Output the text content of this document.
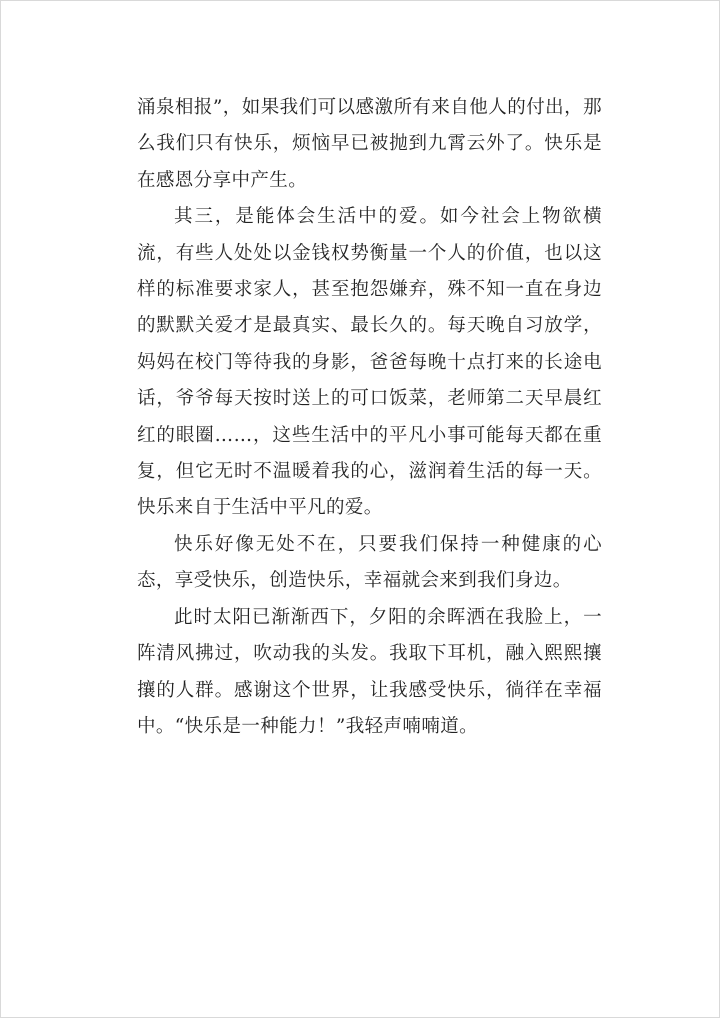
涌泉相报”，如果我们可以感激所有来自他人的付出，那么我们只有快乐，烦恼早已被抛到九霄云外了。快乐是在感恩分享中产生。

其三，是能体会生活中的爱。如今社会上物欲横流，有些人处处以金钱权势衡量一个人的价值，也以这样的标准要求家人，甚至抱怨嫌弃，殊不知一直在身边的默默关爱才是最真实、最长久的。每天晚自习放学，妈妈在校门等待我的身影，爸爸每晚十点打来的长途电话，爷爷每天按时送上的可口饭菜，老师第二天早晨红红的眼圈……，这些生活中的平凡小事可能每天都在重复，但它无时不温暖着我的心，滋润着生活的每一天。快乐来自于生活中平凡的爱。

快乐好像无处不在，只要我们保持一种健康的心态，享受快乐，创造快乐，幸福就会来到我们身边。

此时太阳已渐渐西下，夕阳的余晖洒在我脸上，一阵清风拂过，吹动我的头发。我取下耳机，融入熙熙攘攘的人群。感谢这个世界，让我感受快乐，徜徉在幸福中。“快乐是一种能力！”我轻声喃喃道。
